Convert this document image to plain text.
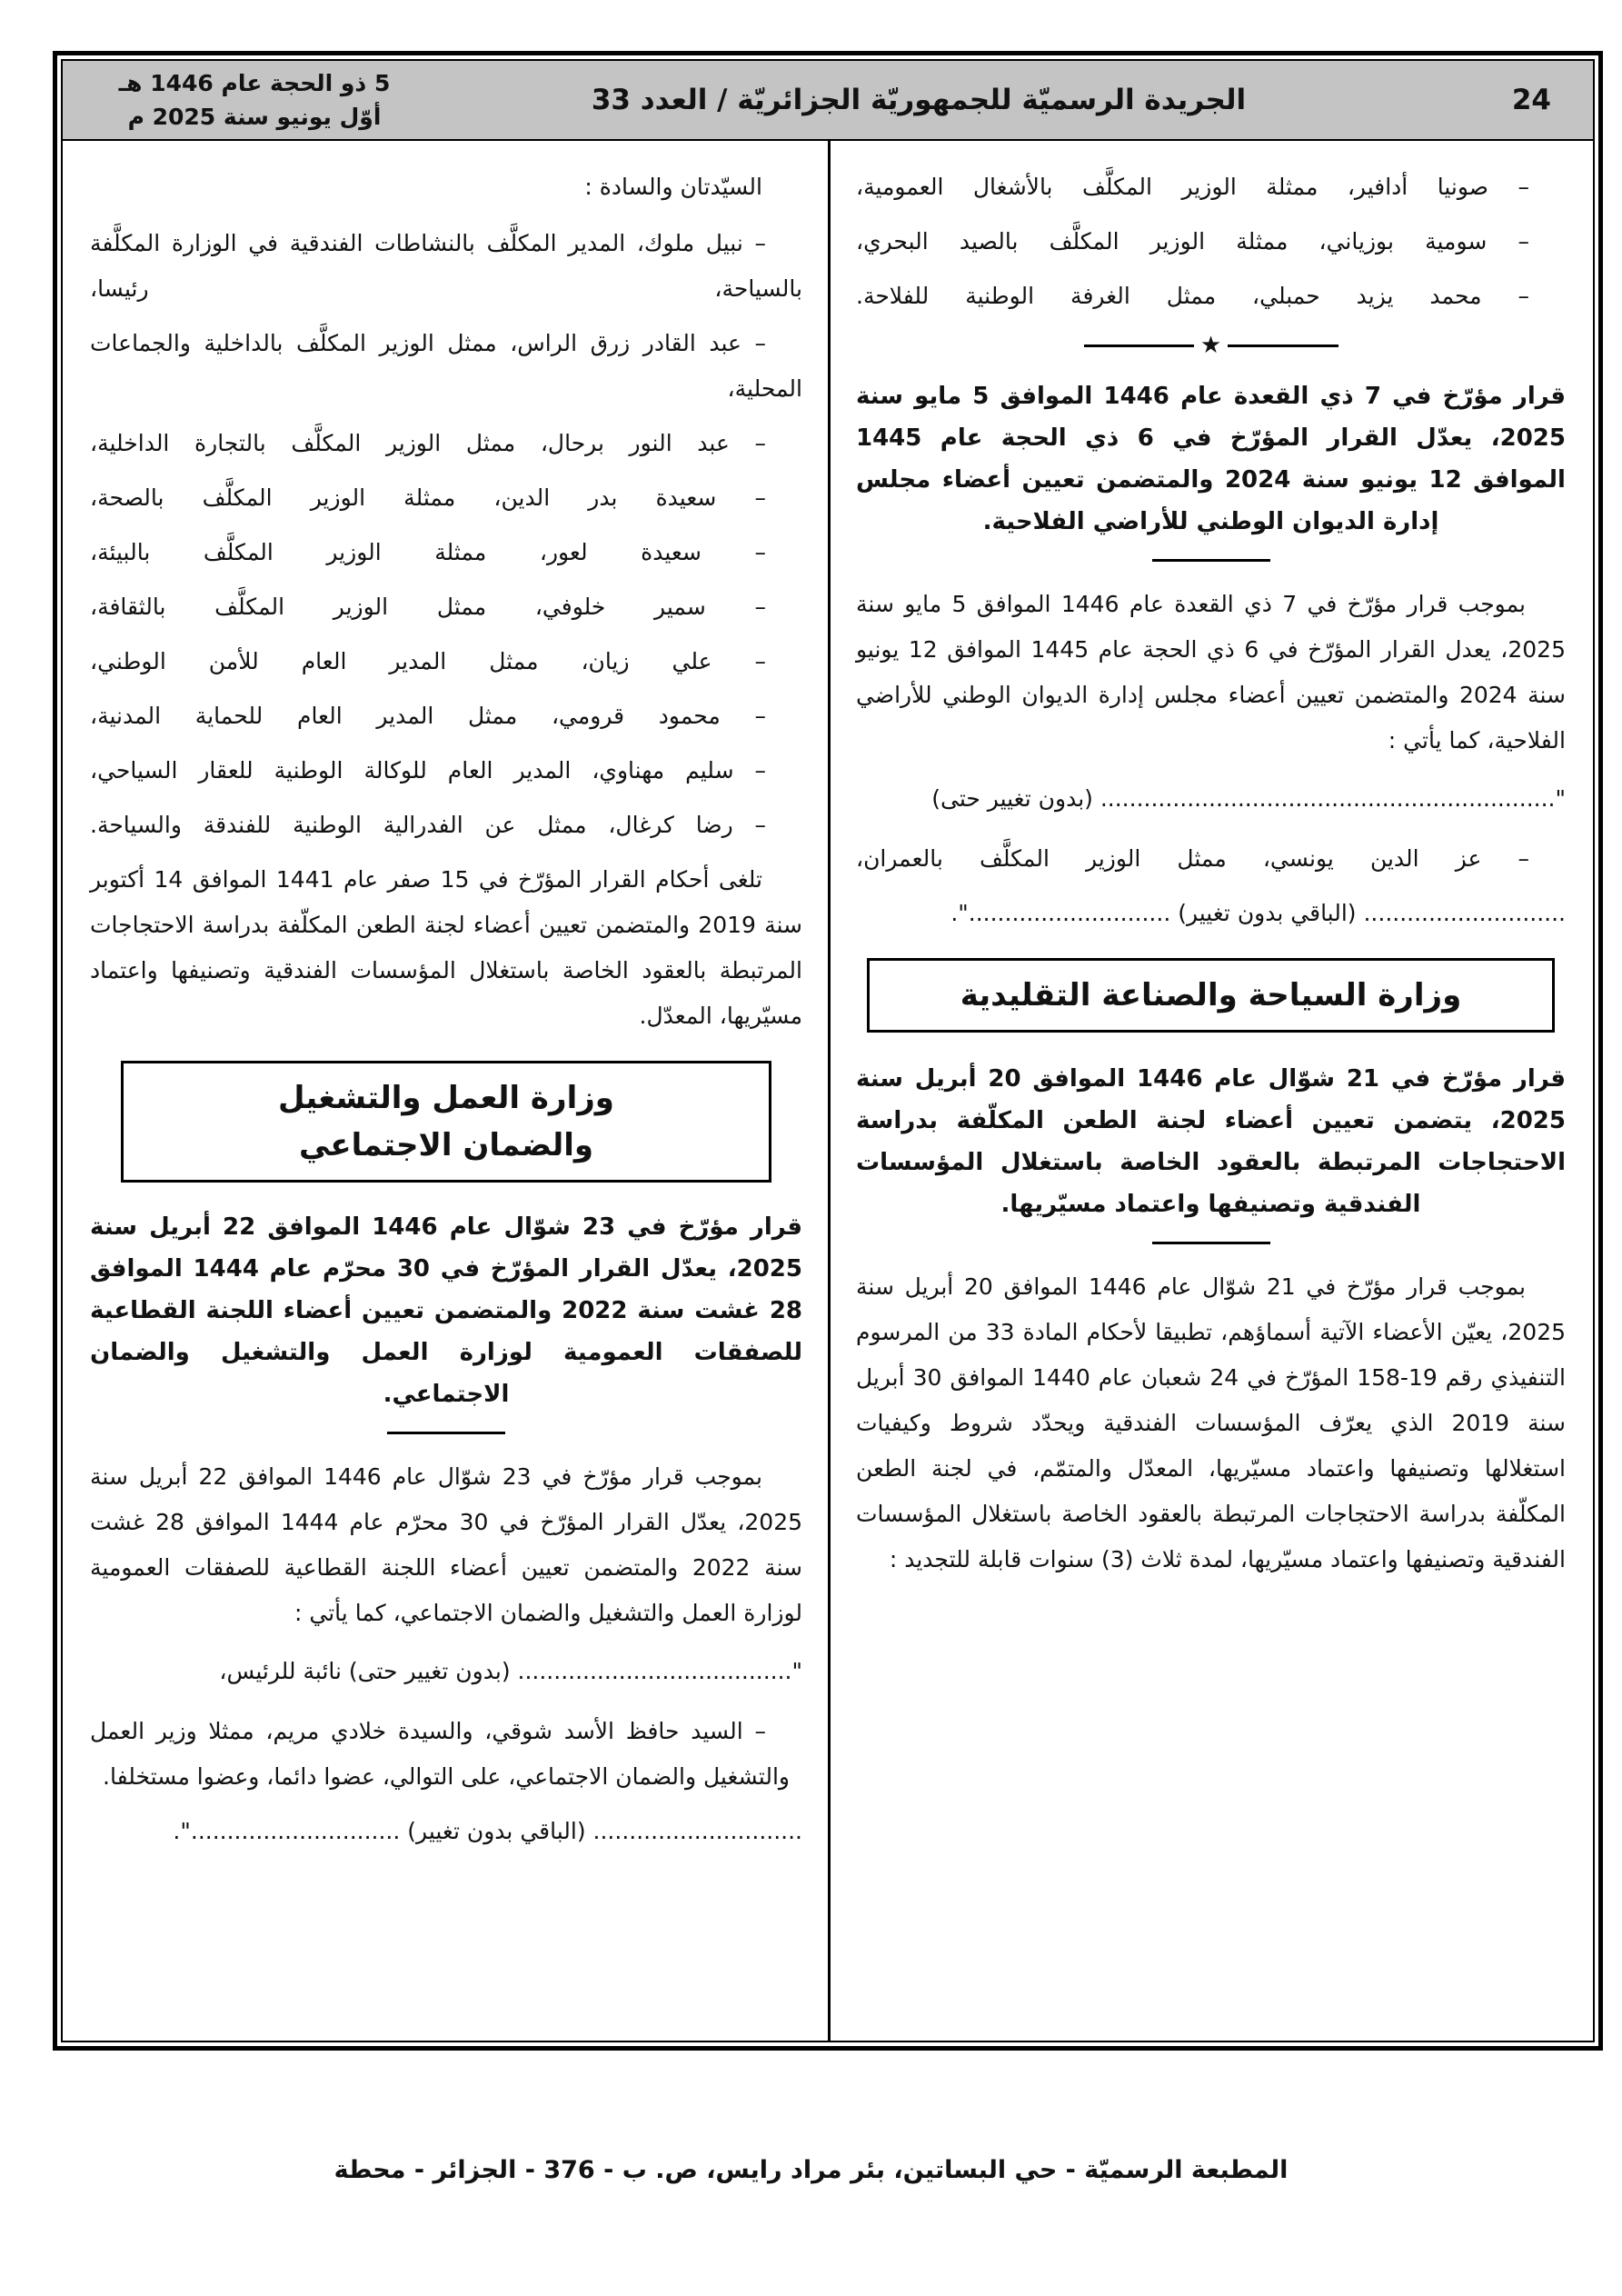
24
الجريدة الرسميّة للجمهوريّة الجزائريّة / العدد 33
5 ذو الحجة عام 1446 هـ
أوّل يونيو سنة 2025 م
– صونيا أدافير، ممثلة الوزير المكلَّف بالأشغال العمومية،
– سومية بوزياني، ممثلة الوزير المكلَّف بالصيد البحري،
– محمد يزيد حمبلي، ممثل الغرفة الوطنية للفلاحة.
★
قرار مؤرّخ في 7 ذي القعدة عام 1446 الموافق 5 مايو سنة 2025، يعدّل القرار المؤرّخ في 6 ذي الحجة عام 1445 الموافق 12 يونيو سنة 2024 والمتضمن تعيين أعضاء مجلس إدارة الديوان الوطني للأراضي الفلاحية.
بموجب قرار مؤرّخ في 7 ذي القعدة عام 1446 الموافق 5 مايو سنة 2025، يعدل القرار المؤرّخ في 6 ذي الحجة عام 1445 الموافق 12 يونيو سنة 2024 والمتضمن تعيين أعضاء مجلس إدارة الديوان الوطني للأراضي الفلاحية، كما يأتي :
"............................................................... (بدون تغيير حتى)
– عز الدين يونسي، ممثل الوزير المكلَّف بالعمران،
............................ (الباقي بدون تغيير) ............................".
وزارة السياحة والصناعة التقليدية
قرار مؤرّخ في 21 شوّال عام 1446 الموافق 20 أبريل سنة 2025، يتضمن تعيين أعضاء لجنة الطعن المكلّفة بدراسة الاحتجاجات المرتبطة بالعقود الخاصة باستغلال المؤسسات الفندقية وتصنيفها واعتماد مسيّريها.
بموجب قرار مؤرّخ في 21 شوّال عام 1446 الموافق 20 أبريل سنة 2025، يعيّن الأعضاء الآتية أسماؤهم، تطبيقا لأحكام المادة 33 من المرسوم التنفيذي رقم 19-158 المؤرّخ في 24 شعبان عام 1440 الموافق 30 أبريل سنة 2019 الذي يعرّف المؤسسات الفندقية ويحدّد شروط وكيفيات استغلالها وتصنيفها واعتماد مسيّريها، المعدّل والمتمّم، في لجنة الطعن المكلّفة بدراسة الاحتجاجات المرتبطة بالعقود الخاصة باستغلال المؤسسات الفندقية وتصنيفها واعتماد مسيّريها، لمدة ثلاث (3) سنوات قابلة للتجديد :
السيّدتان والسادة :
– نبيل ملوك، المدير المكلَّف بالنشاطات الفندقية في الوزارة المكلَّفة بالسياحة، رئيسا،
– عبد القادر زرق الراس، ممثل الوزير المكلَّف بالداخلية والجماعات المحلية،
– عبد النور برحال، ممثل الوزير المكلَّف بالتجارة الداخلية،
– سعيدة بدر الدين، ممثلة الوزير المكلَّف بالصحة،
– سعيدة لعور، ممثلة الوزير المكلَّف بالبيئة،
– سمير خلوفي، ممثل الوزير المكلَّف بالثقافة،
– علي زيان، ممثل المدير العام للأمن الوطني،
– محمود قرومي، ممثل المدير العام للحماية المدنية،
– سليم مهناوي، المدير العام للوكالة الوطنية للعقار السياحي،
– رضا كرغال، ممثل عن الفدرالية الوطنية للفندقة والسياحة.
تلغى أحكام القرار المؤرّخ في 15 صفر عام 1441 الموافق 14 أكتوبر سنة 2019 والمتضمن تعيين أعضاء لجنة الطعن المكلّفة بدراسة الاحتجاجات المرتبطة بالعقود الخاصة باستغلال المؤسسات الفندقية وتصنيفها واعتماد مسيّريها، المعدّل.
وزارة العمل والتشغيل
والضمان الاجتماعي
قرار مؤرّخ في 23 شوّال عام 1446 الموافق 22 أبريل سنة 2025، يعدّل القرار المؤرّخ في 30 محرّم عام 1444 الموافق 28 غشت سنة 2022 والمتضمن تعيين أعضاء اللجنة القطاعية للصفقات العمومية لوزارة العمل والتشغيل والضمان الاجتماعي.
بموجب قرار مؤرّخ في 23 شوّال عام 1446 الموافق 22 أبريل سنة 2025، يعدّل القرار المؤرّخ في 30 محرّم عام 1444 الموافق 28 غشت سنة 2022 والمتضمن تعيين أعضاء اللجنة القطاعية للصفقات العمومية لوزارة العمل والتشغيل والضمان الاجتماعي، كما يأتي :
"...................................... (بدون تغيير حتى) نائبة للرئيس،
– السيد حافظ الأسد شوقي، والسيدة خلادي مريم، ممثلا وزير العمل والتشغيل والضمان الاجتماعي، على التوالي، عضوا دائما، وعضوا مستخلفا.
............................. (الباقي بدون تغيير) .............................".
المطبعة الرسميّة - حي البساتين، بئر مراد رايس، ص. ب - 376 - الجزائر - محطة
